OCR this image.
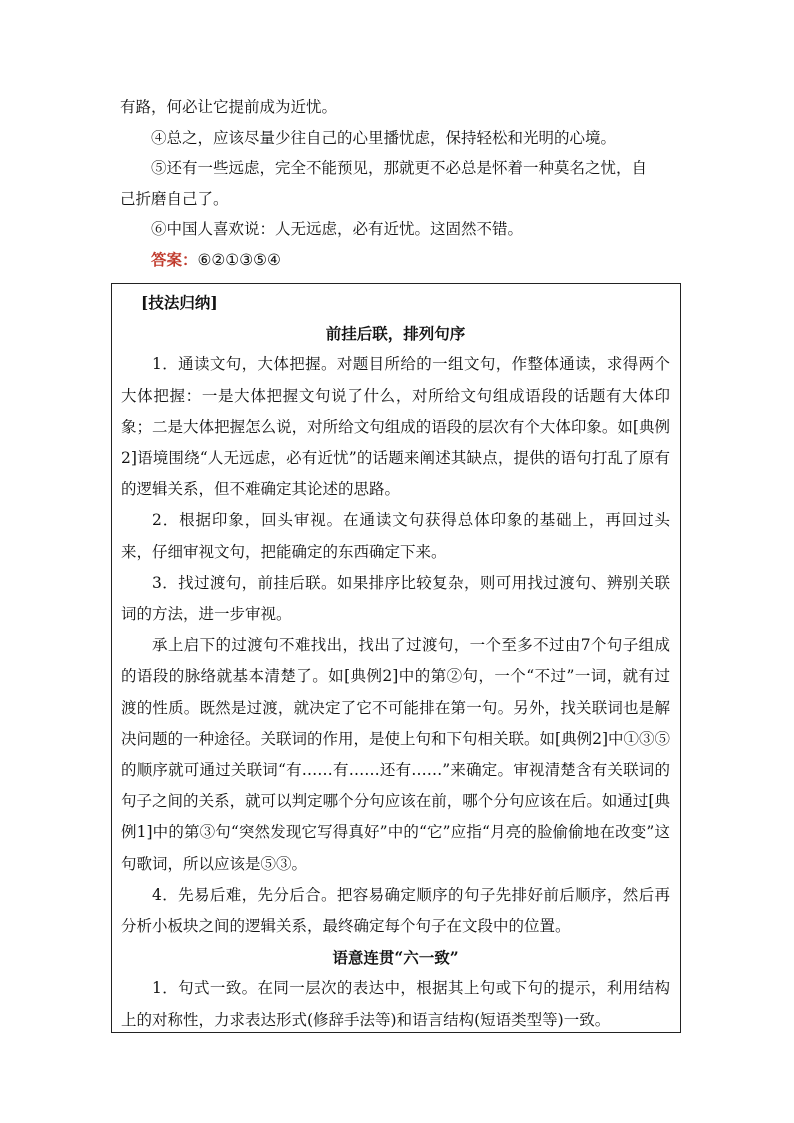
有路，何必让它提前成为近忧。

④总之，应该尽量少往自己的心里播忧虑，保持轻松和光明的心境。

⑤还有一些远虑，完全不能预见，那就更不必总是怀着一种莫名之忧，自

己折磨自己了。

⑥中国人喜欢说：人无远虑，必有近忧。这固然不错。

答案：⑥②①③⑤④

[技法归纳]

前挂后联，排列句序

1．通读文句，大体把握。对题目所给的一组文句，作整体通读，求得两个大体把握：一是大体把握文句说了什么，对所给文句组成语段的话题有大体印象；二是大体把握怎么说，对所给文句组成的语段的层次有个大体印象。如[典例2]语境围绕“人无远虑，必有近忧”的话题来阐述其缺点，提供的语句打乱了原有的逻辑关系，但不难确定其论述的思路。

2．根据印象，回头审视。在通读文句获得总体印象的基础上，再回过头来，仔细审视文句，把能确定的东西确定下来。

3．找过渡句，前挂后联。如果排序比较复杂，则可用找过渡句、辨别关联词的方法，进一步审视。

承上启下的过渡句不难找出，找出了过渡句，一个至多不过由7个句子组成的语段的脉络就基本清楚了。如[典例2]中的第②句，一个“不过”一词，就有过渡的性质。既然是过渡，就决定了它不可能排在第一句。另外，找关联词也是解决问题的一种途径。关联词的作用，是使上句和下句相关联。如[典例2]中①③⑤的顺序就可通过关联词“有……有……还有……”来确定。审视清楚含有关联词的句子之间的关系，就可以判定哪个分句应该在前，哪个分句应该在后。如通过[典例1]中的第③句“突然发现它写得真好”中的“它”应指“月亮的脸偷偷地在改变”这句歌词，所以应该是⑤③。

4．先易后难，先分后合。把容易确定顺序的句子先排好前后顺序，然后再分析小板块之间的逻辑关系，最终确定每个句子在文段中的位置。

语意连贯“六一致”

1．句式一致。在同一层次的表达中，根据其上句或下句的提示，利用结构上的对称性，力求表达形式(修辞手法等)和语言结构(短语类型等)一致。
